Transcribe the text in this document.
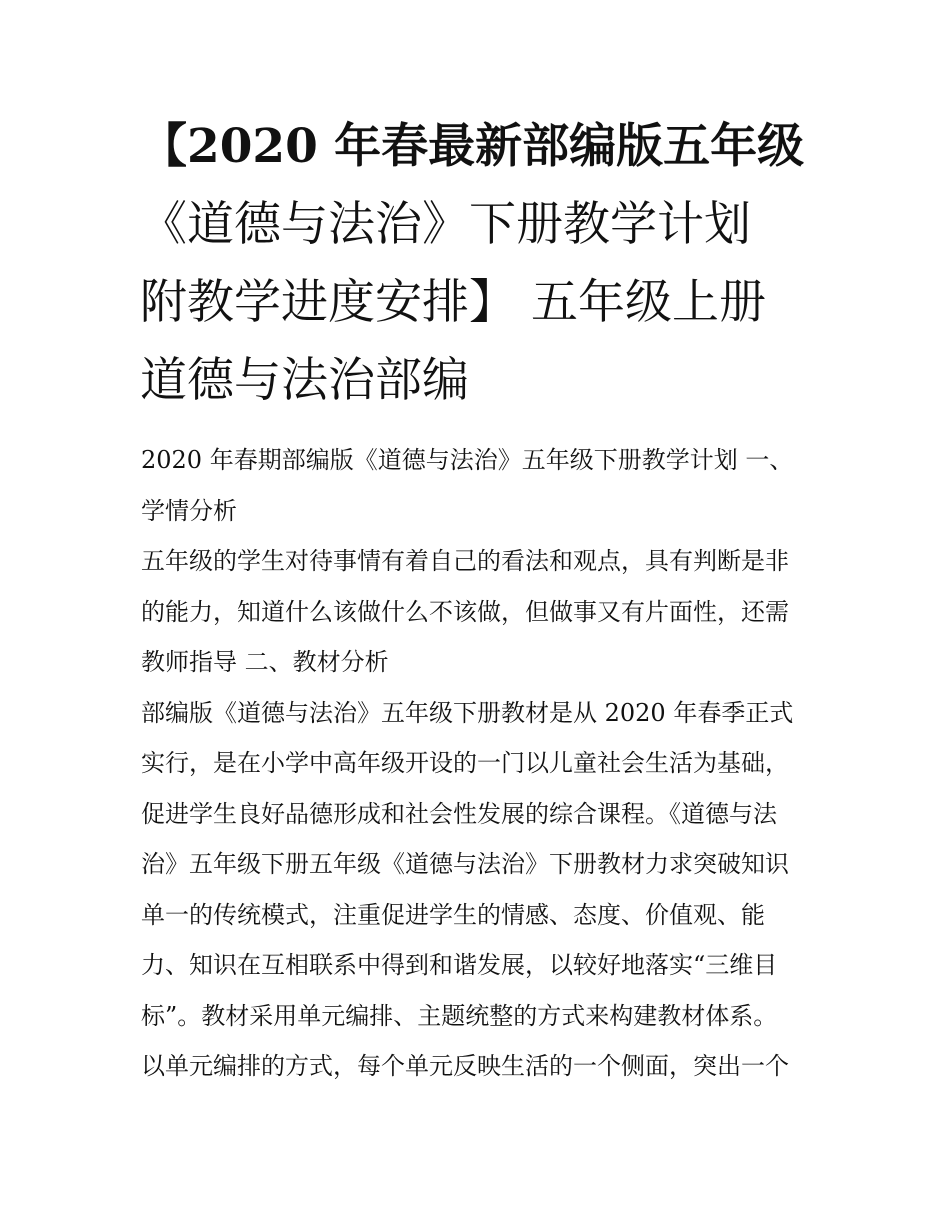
【2020 年春最新部编版五年级
《道德与法治》下册教学计划
附教学进度安排】 五年级上册
道德与法治部编
2020 年春期部编版《道德与法治》五年级下册教学计划 一、
学情分析
五年级的学生对待事情有着自己的看法和观点，具有判断是非
的能力，知道什么该做什么不该做，但做事又有片面性，还需
教师指导 二、教材分析
部编版《道德与法治》五年级下册教材是从 2020 年春季正式
实行，是在小学中高年级开设的一门以儿童社会生活为基础，
促进学生良好品德形成和社会性发展的综合课程。《道德与法
治》五年级下册五年级《道德与法治》下册教材力求突破知识
单一的传统模式，注重促进学生的情感、态度、价值观、能
力、知识在互相联系中得到和谐发展，以较好地落实“三维目
标”。教材采用单元编排、主题统整的方式来构建教材体系。
以单元编排的方式，每个单元反映生活的一个侧面，突出一个
